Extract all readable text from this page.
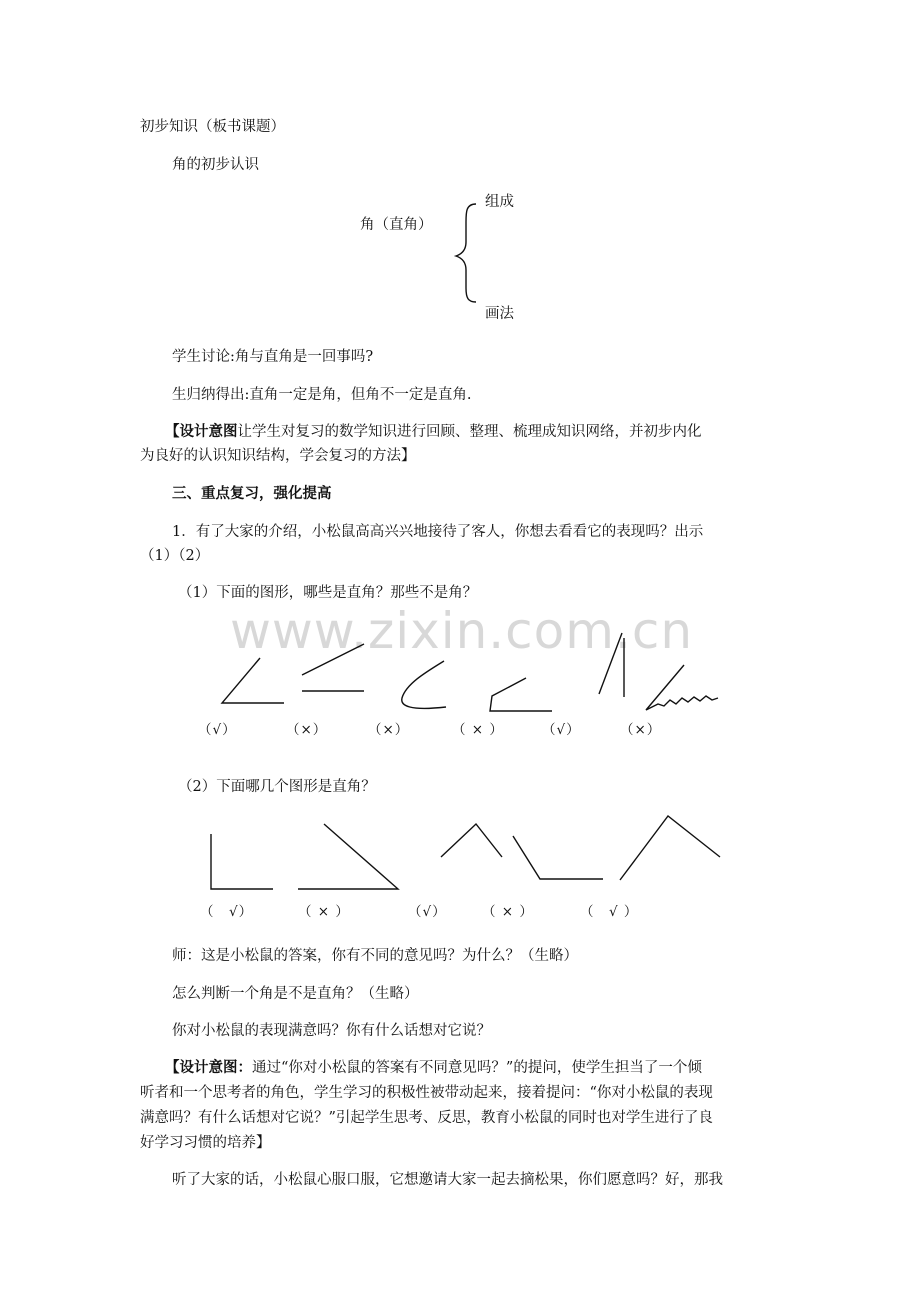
www.zixin.com.cn
初步知识（板书课题）
角的初步认识
角（直角）
组成
画法
学生讨论:角与直角是一回事吗?
生归纳得出:直角一定是角，但角不一定是直角.
【设计意图让学生对复习的数学知识进行回顾、整理、梳理成知识网络，并初步内化
为良好的认识知识结构，学会复习的方法】
三、重点复习，强化提高
1．有了大家的介绍，小松鼠高高兴兴地接待了客人，你想去看看它的表现吗？出示
（1）（2）
（1）下面的图形，哪些是直角？那些不是角？
（√）	（×）	（×）	（ × ）	（√）	（×）
（2）下面哪几个图形是直角？
（　√）	（ × ）	（√）	（ × ）	（　√ ）
师：这是小松鼠的答案，你有不同的意见吗？为什么？（生略）
怎么判断一个角是不是直角？（生略）
你对小松鼠的表现满意吗？你有什么话想对它说？
【设计意图：通过“你对小松鼠的答案有不同意见吗？”的提问，使学生担当了一个倾
听者和一个思考者的角色，学生学习的积极性被带动起来，接着提问：“你对小松鼠的表现
满意吗？有什么话想对它说？”引起学生思考、反思，教育小松鼠的同时也对学生进行了良
好学习习惯的培养】
听了大家的话，小松鼠心服口服，它想邀请大家一起去摘松果，你们愿意吗？好，那我
